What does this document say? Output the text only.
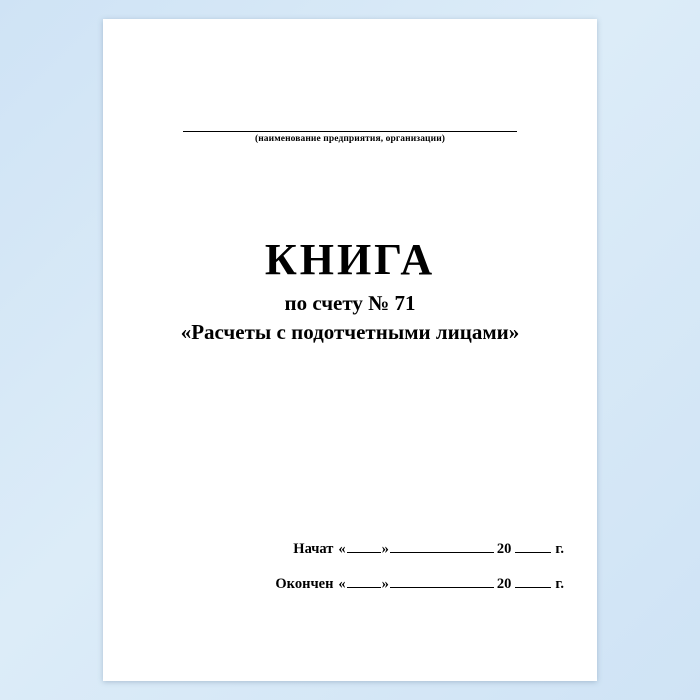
(наименование предприятия, организации)
КНИГА
по счету № 71
«Расчеты с подотчетными лицами»
Начат « »	20	г.
Окончен « »	20	г.
